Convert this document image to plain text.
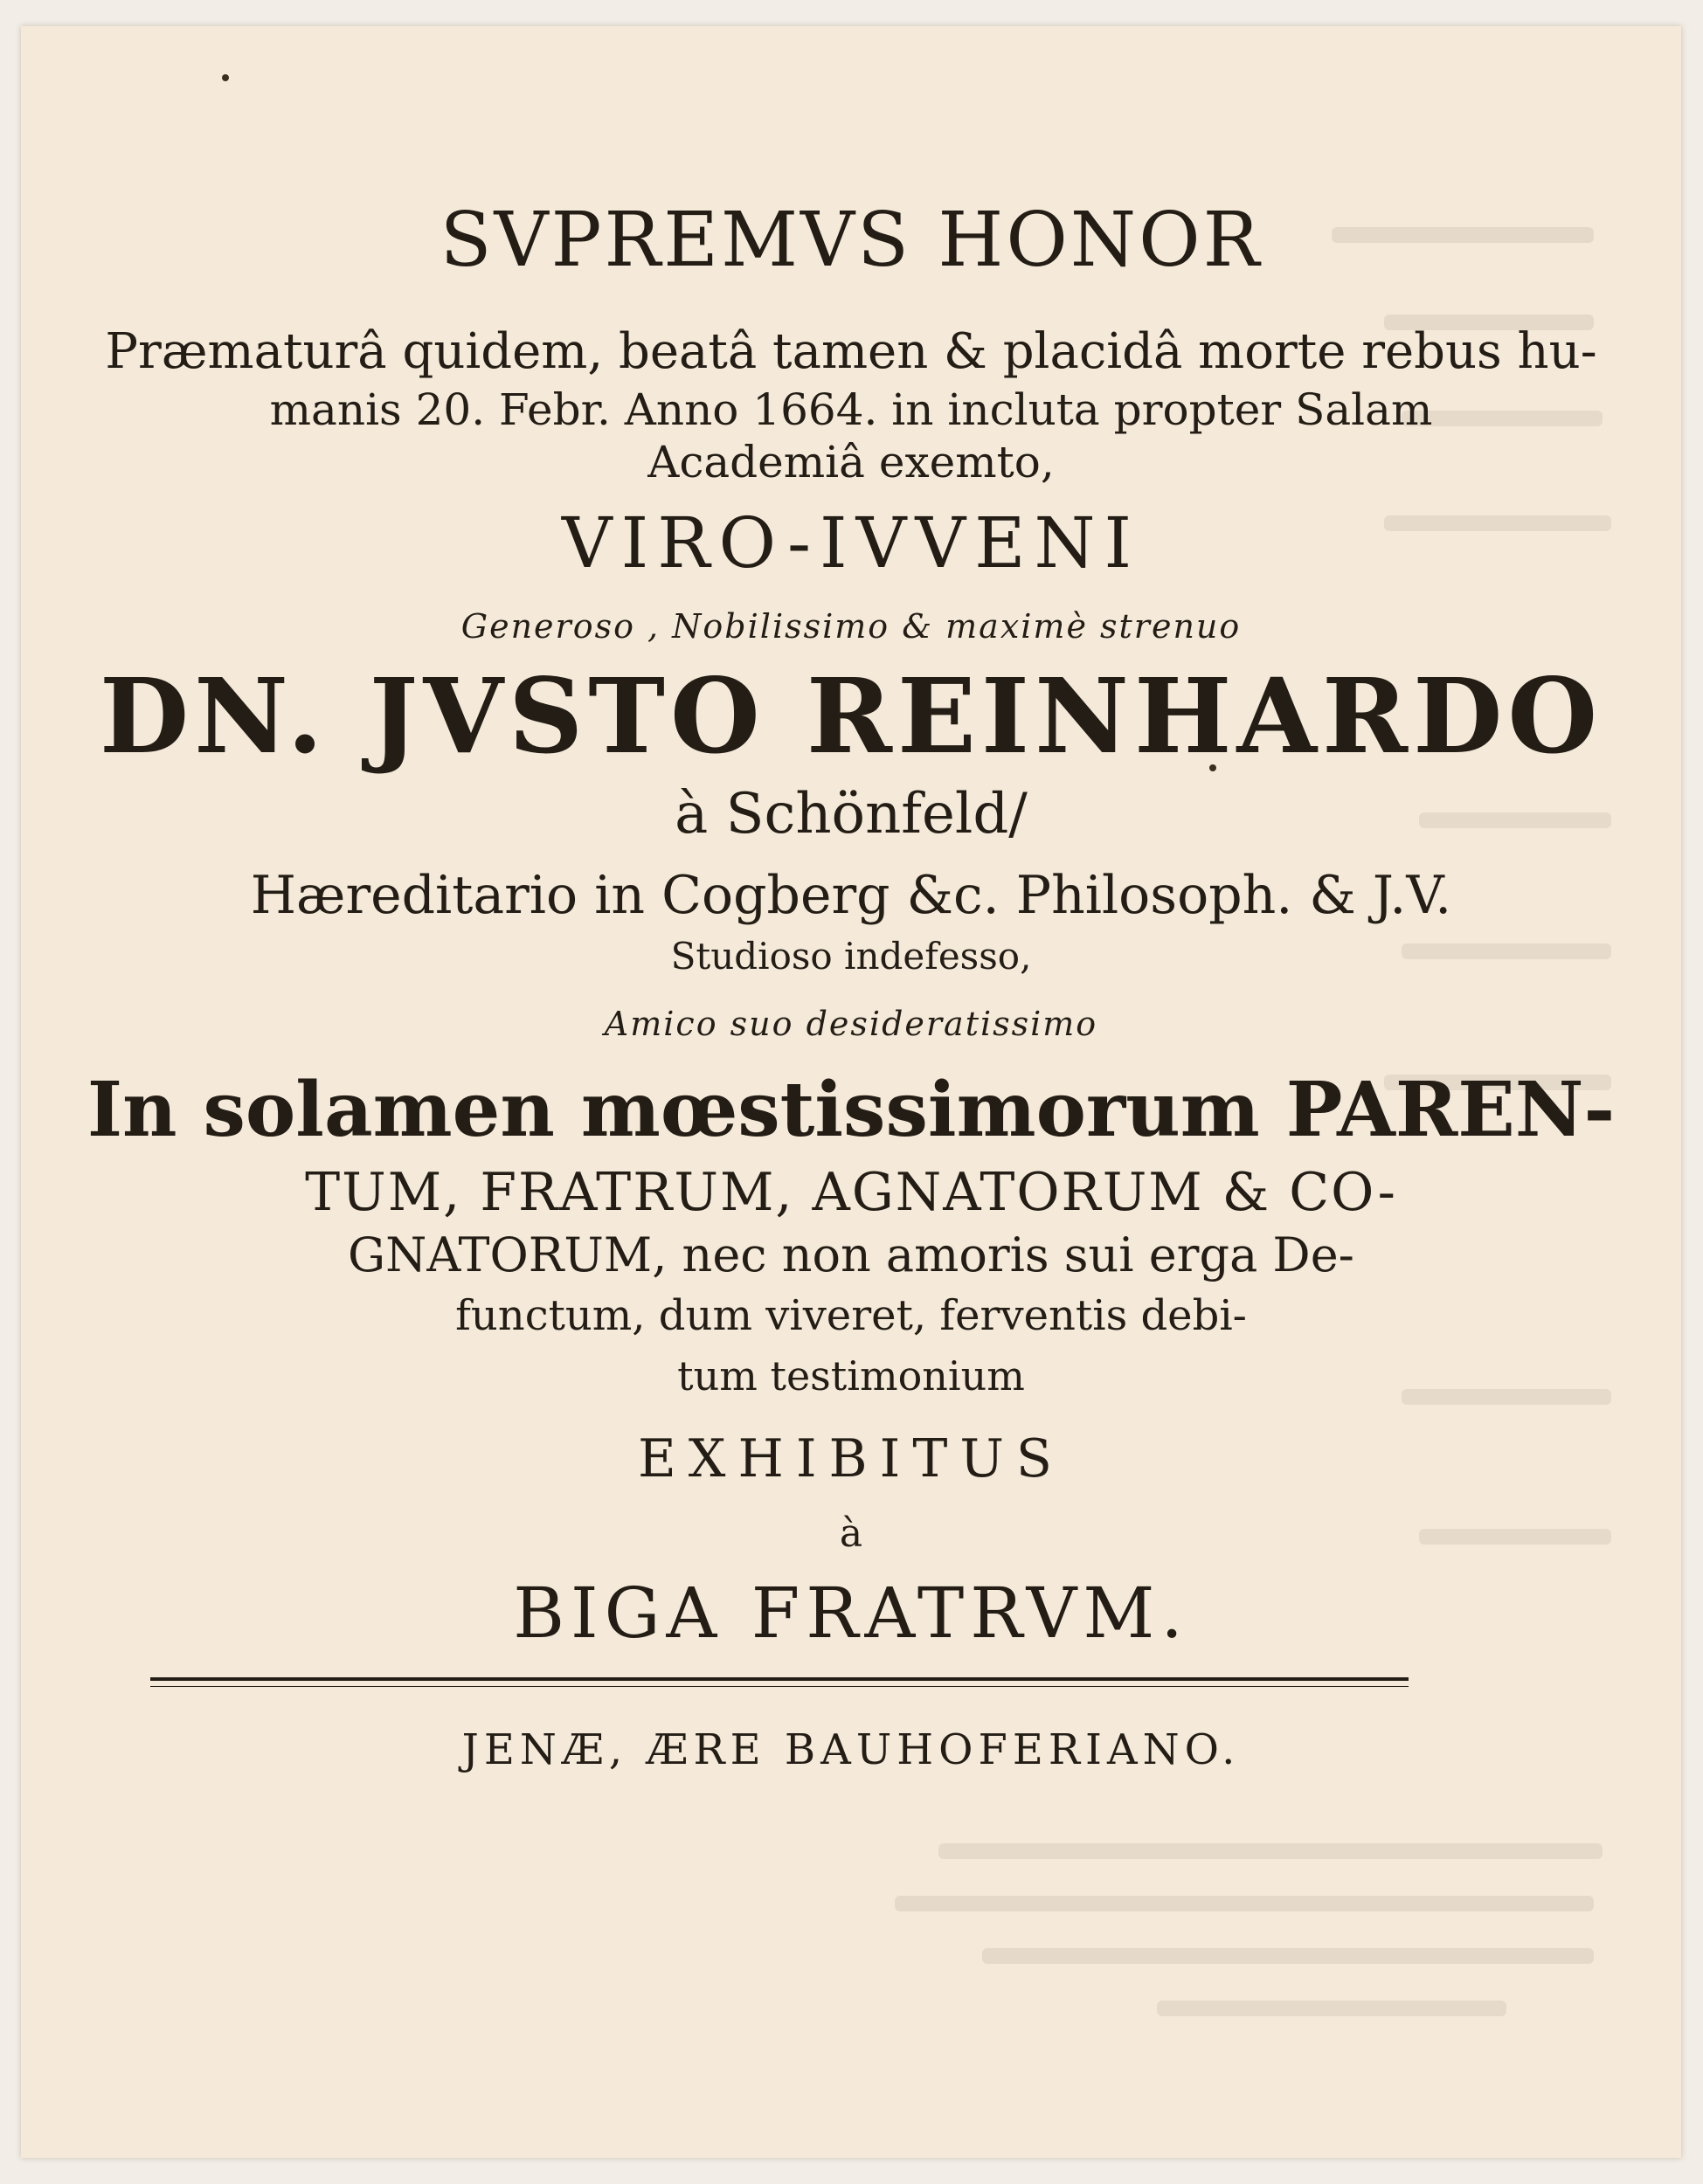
SVPREMVS HONOR
Præmaturâ quidem, beatâ tamen & placidâ morte rebus hu-
manis 20. Febr. Anno 1664. in incluta propter Salam
Academiâ exemto,
VIRO-IVVENI
Generoso , Nobilissimo & maximè strenuo
DN. JVSTO REINHARDO
à Schönfeld/
Hæreditario in Cogberg &c. Philosoph. & J.V.
Studioso indefesso,
Amico suo desideratissimo
In solamen mœstissimorum PAREN-
TUM, FRATRUM, AGNATORUM & CO-
GNATORUM, nec non amoris sui erga De-
functum, dum viveret, ferventis debi-
tum testimonium
EXHIBITUS
à
BIGA FRATRVM.
JENÆ, ÆRE BAUHOFERIANO.
